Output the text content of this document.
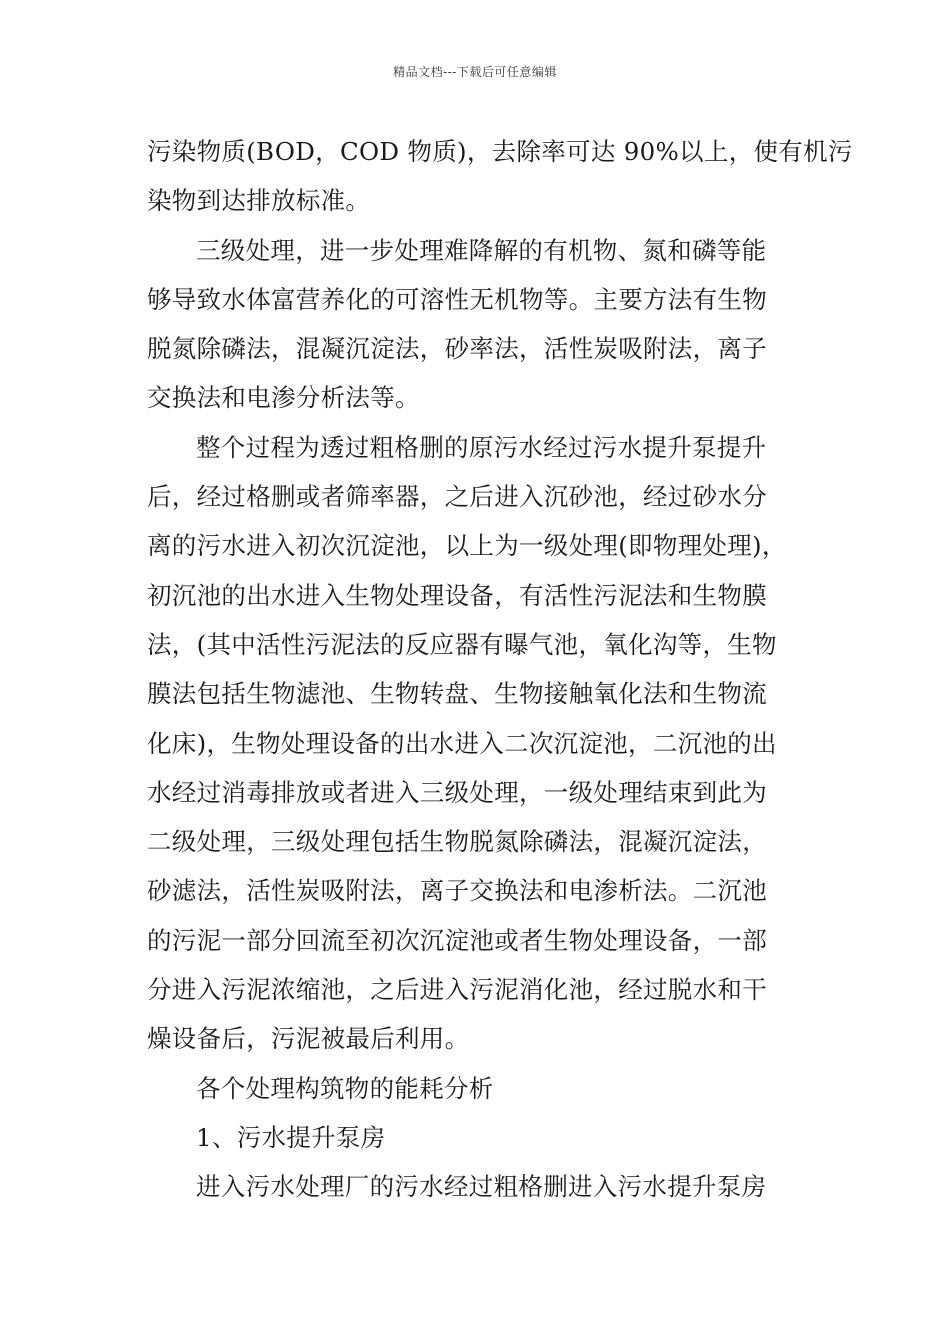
精品文档---下载后可任意编辑
污染物质(BOD，COD 物质)，去除率可达 90%以上，使有机污
染物到达排放标准。
三级处理，进一步处理难降解的有机物、氮和磷等能
够导致水体富营养化的可溶性无机物等。主要方法有生物
脱氮除磷法，混凝沉淀法，砂率法，活性炭吸附法，离子
交换法和电渗分析法等。
整个过程为透过粗格删的原污水经过污水提升泵提升
后，经过格删或者筛率器，之后进入沉砂池，经过砂水分
离的污水进入初次沉淀池，以上为一级处理(即物理处理)，
初沉池的出水进入生物处理设备，有活性污泥法和生物膜
法，(其中活性污泥法的反应器有曝气池，氧化沟等，生物
膜法包括生物滤池、生物转盘、生物接触氧化法和生物流
化床)，生物处理设备的出水进入二次沉淀池，二沉池的出
水经过消毒排放或者进入三级处理，一级处理结束到此为
二级处理，三级处理包括生物脱氮除磷法，混凝沉淀法，
砂滤法，活性炭吸附法，离子交换法和电渗析法。二沉池
的污泥一部分回流至初次沉淀池或者生物处理设备，一部
分进入污泥浓缩池，之后进入污泥消化池，经过脱水和干
燥设备后，污泥被最后利用。
各个处理构筑物的能耗分析
1、污水提升泵房
进入污水处理厂的污水经过粗格删进入污水提升泵房
